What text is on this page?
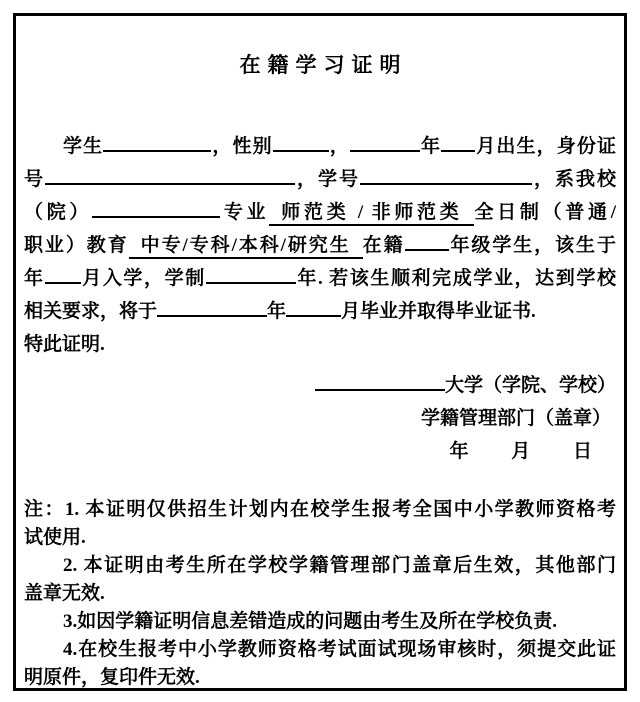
在籍学习证明
学生	，性别	，	年 月出生，身份证
号	，学号	，系我校
（院）	专业 师范类 / 非师范类 全日制（普通/
职业）教育 中专/专科/本科/研究生 在籍 年级学生，该生于
年 月入学，学制	年. 若该生顺利完成学业，达到学校
相关要求，将于	年	月毕业并取得毕业证书.
特此证明.
大学（学院、学校）
学籍管理部门（盖章）
年　　 月　　 日
注：1. 本证明仅供招生计划内在校学生报考全国中小学教师资格考
试使用.
2. 本证明由考生所在学校学籍管理部门盖章后生效，其他部门
盖章无效.
3.如因学籍证明信息差错造成的问题由考生及所在学校负责.
4.在校生报考中小学教师资格考试面试现场审核时，须提交此证
明原件，复印件无效.
